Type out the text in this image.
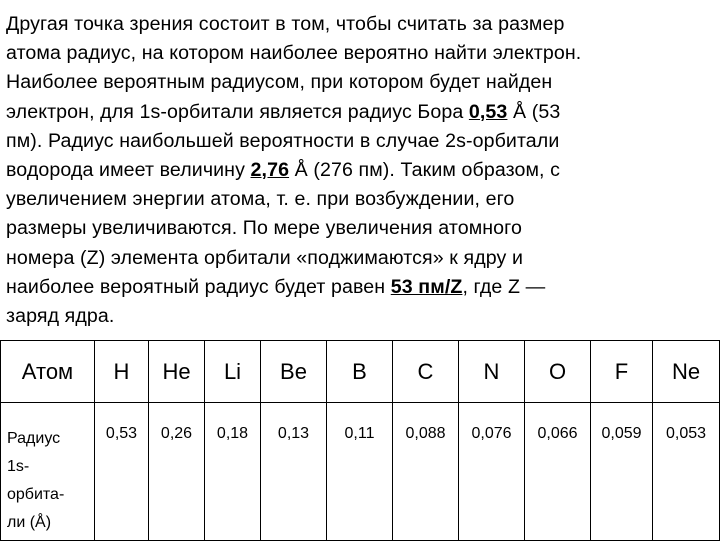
Другая точка зрения состоит в том, чтобы считать за размер
атома радиус, на котором наиболее вероятно найти электрон.
Наиболее вероятным радиусом, при котором будет найден
электрон, для 1s-орбитали является радиус Бора 0,53 Å (53
пм). Радиус наибольшей вероятности в случае 2s-орбитали
водорода имеет величину 2,76 Å (276 пм). Таким образом, с
увеличением энергии атома, т. е. при возбуждении, его
размеры увеличиваются. По мере увеличения атомного
номера (Z) элемента орбитали «поджимаются» к ядру и
наиболее вероятный радиус будет равен 53 пм/Z, где Z —
заряд ядра.
Атом	H	He	Li	Be	B	C	N	O	F	Ne

Радиус
1s-
орбита-
ли (Å)	0,53	0,26	0,18	0,13	0,11	0,088	0,076	0,066	0,059	0,053
